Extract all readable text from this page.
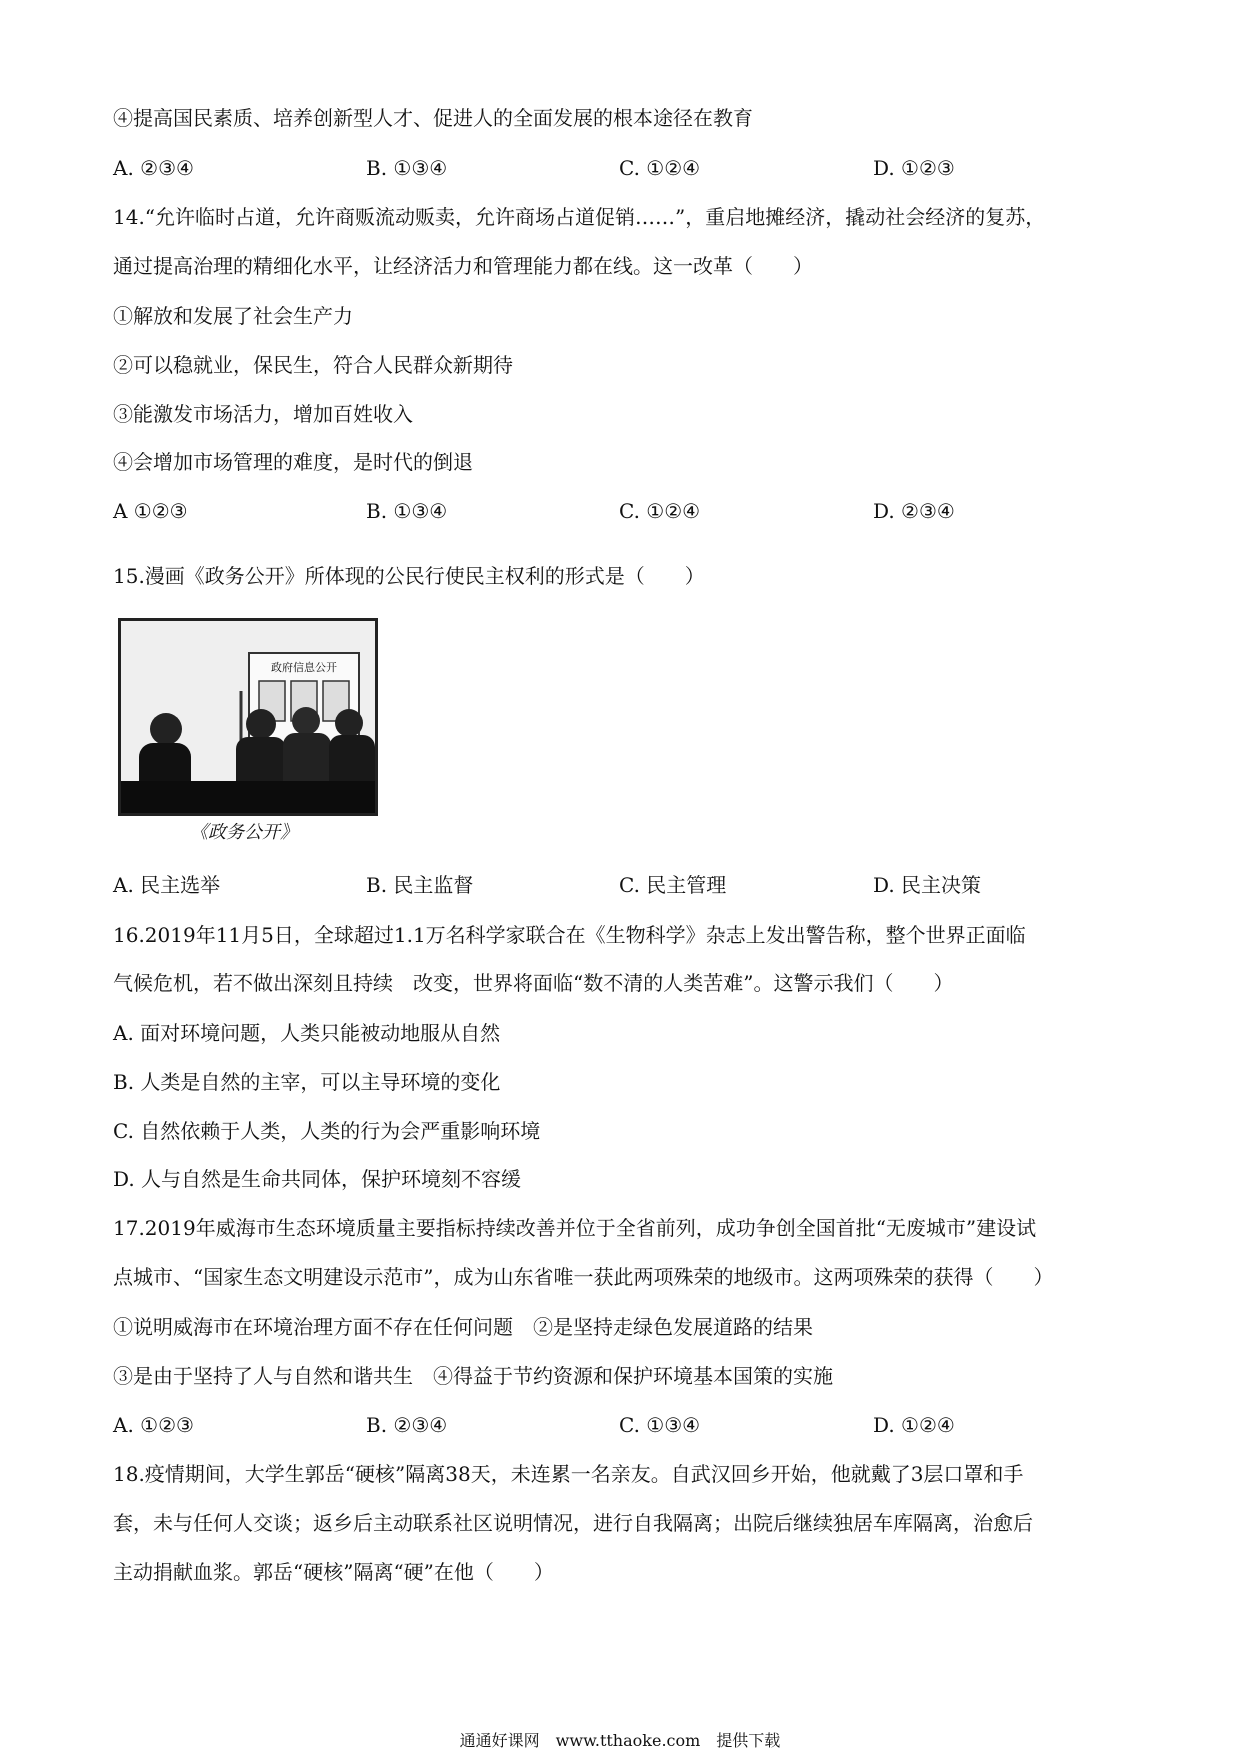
④提高国民素质、培养创新型人才、促进人的全面发展的根本途径在教育
A. ②③④	B. ①③④	C. ①②④	D. ①②③
14.“允许临时占道，允许商贩流动贩卖，允许商场占道促销……”，重启地摊经济，撬动社会经济的复苏，
通过提高治理的精细化水平，让经济活力和管理能力都在线。这一改革（　　）
①解放和发展了社会生产力
②可以稳就业，保民生，符合人民群众新期待
③能激发市场活力，增加百姓收入
④会增加市场管理的难度，是时代的倒退
A ①②③	B. ①③④	C. ①②④	D. ②③④
15.漫画《政务公开》所体现的公民行使民主权利的形式是（　　）
政府信息公开
《政务公开》
A. 民主选举	B. 民主监督	C. 民主管理	D. 民主决策
16.2019年11月5日，全球超过1.1万名科学家联合在《生物科学》杂志上发出警告称，整个世界正面临
气候危机，若不做出深刻且持续　改变，世界将面临“数不清的人类苦难”。这警示我们（　　）
A. 面对环境问题，人类只能被动地服从自然
B. 人类是自然的主宰，可以主导环境的变化
C. 自然依赖于人类，人类的行为会严重影响环境
D. 人与自然是生命共同体，保护环境刻不容缓
17.2019年威海市生态环境质量主要指标持续改善并位于全省前列，成功争创全国首批“无废城市”建设试
点城市、“国家生态文明建设示范市”，成为山东省唯一获此两项殊荣的地级市。这两项殊荣的获得（　　）
①说明威海市在环境治理方面不存在任何问题　②是坚持走绿色发展道路的结果
③是由于坚持了人与自然和谐共生　④得益于节约资源和保护环境基本国策的实施
A. ①②③	B. ②③④	C. ①③④	D. ①②④
18.疫情期间，大学生郭岳“硬核”隔离38天，未连累一名亲友。自武汉回乡开始，他就戴了3层口罩和手
套，未与任何人交谈；返乡后主动联系社区说明情况，进行自我隔离；出院后继续独居车库隔离，治愈后
主动捐献血浆。郭岳“硬核”隔离“硬”在他（　　）
通通好课网　www.tthaoke.com　提供下载
